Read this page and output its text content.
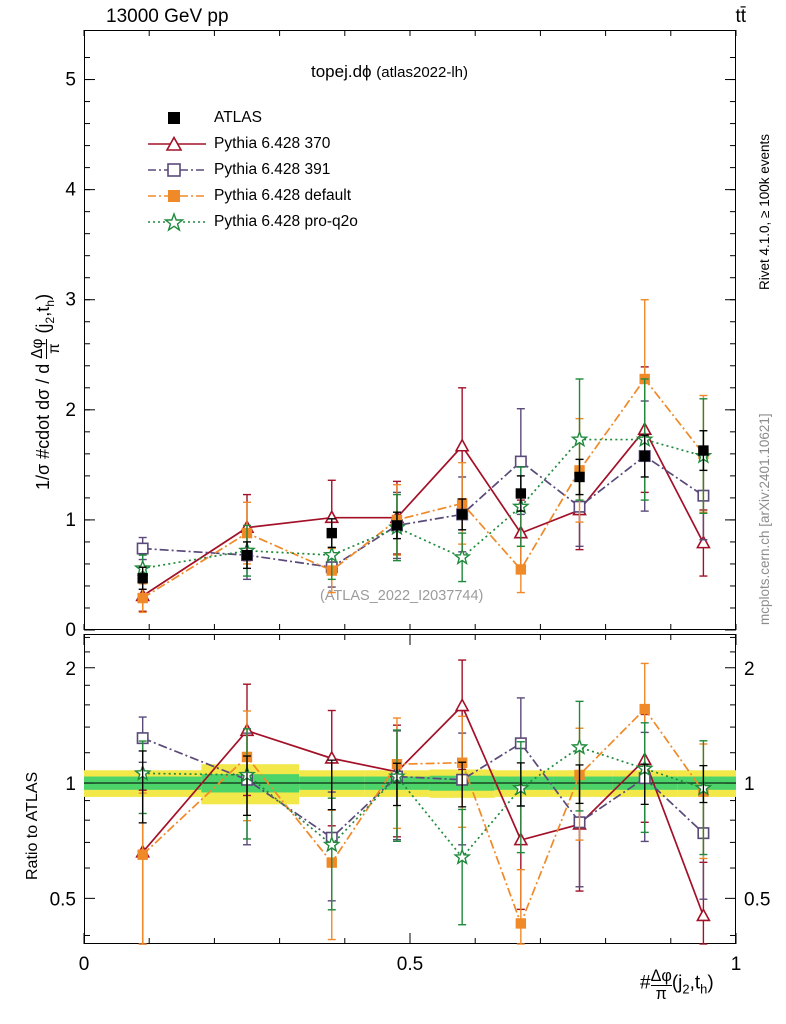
13000 GeV pp	tt̄
Rivet 4.1.0, ≥ 100k events
mcplots.cern.ch [arXiv:2401.10621]
topej.dϕ (atlas2022-lh)
(ATLAS_2022_I2037744)
1/σ #cdot dσ / d
Δφ π
$(j_2,t_h)$
Ratio to ATLAS
# $\frac{\Delta\varphi}{\pi} (j_2,t_h)$
ATLAS
Pythia 6.428 370
Pythia 6.428 391
Pythia 6.428 default
Pythia 6.428 pro-q2o
0
1
2
3
4
5
0.5	0.5
1	1
2	2
0	0.5	1
